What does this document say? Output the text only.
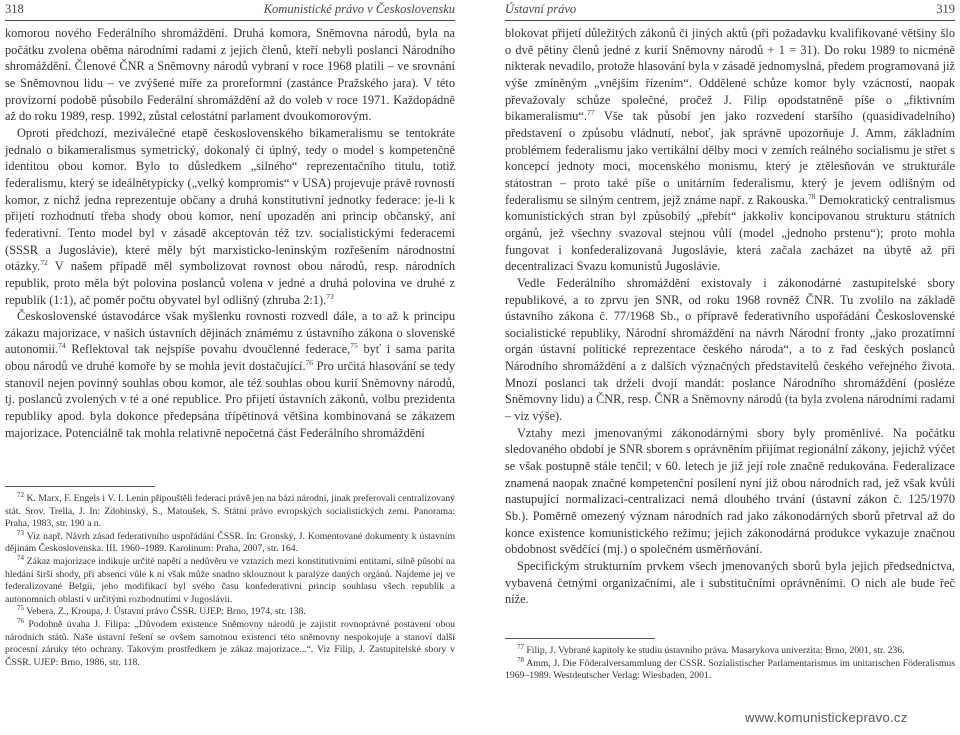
318	Komunistické právo v Československu

komorou nového Federálního shromáždění. Druhá komora, Sněmovna národů, byla na počátku zvolena oběma národními radami z jejich členů, kteří nebyli poslanci Národního shromáždění. Členové ČNR a Sněmovny národů vybraní v roce 1968 platili – ve srovnání se Sněmovnou lidu – ve zvýšené míře za proreformní (zastánce Pražského jara). V této provizorní podobě působilo Federální shromáždění až do voleb v roce 1971. Každopádně až do roku 1989, resp. 1992, zůstal celostátní parlament dvoukomorovým.

Oproti předchozí, meziválečné etapě československého bikameralismu se tentokráte jednalo o bikameralismus symetrický, dokonalý či úplný, tedy o model s kompetenčně identitou obou komor. Bylo to důsledkem „silného“ reprezentačního titulu, totiž federalismu, který se ideálnětypicky („velký kompromis“ v USA) projevuje právě rovností komor, z nichž jedna reprezentuje občany a druhá konstitutivní jednotky federace: je-li k přijetí rozhodnutí třeba shody obou komor, není upozaděn ani princip občanský, ani federativní. Tento model byl v zásadě akceptován též tzv. socialistickými federacemi (SSSR a Jugoslávie), které měly být marxisticko-leninským rozřešením národnostní otázky.$^{72}$ V našem případě měl symbolizovat rovnost obou národů, resp. národních republik, proto měla být polovina poslanců volena v jedné a druhá polovina ve druhé z republik (1:1), ač poměr počtu obyvatel byl odlišný (zhruba 2:1).$^{73}$

Československé ústavodárce však myšlenku rovnosti rozvedl dále, a to až k principu zákazu majorizace, v našich ústavních dějinách známému z ústavního zákona o slovenské autonomii.$^{74}$ Reflektoval tak nejspíše povahu dvoučlenné federace,$^{75}$ byť i sama parita obou národů ve druhé komoře by se mohla jevit dostačující.$^{76}$ Pro určitá hlasování se tedy stanovil nejen povinný souhlas obou komor, ale též souhlas obou kurií Sněmovny národů, tj. poslanců zvolených v té a oné republice. Pro přijetí ústavních zákonů, volbu prezidenta republiky apod. byla dokonce předepsána třípětinová většina kombinovaná se zákazem majorizace. Potenciálně tak mohla relativně nepočetná část Federálního shromáždění

$^{72}$ K. Marx, F. Engels i V. I. Lenin připouštěli federaci právě jen na bázi národní, jinak preferovali centralizovaný stát. Srov. Trella, J. In: Zdobinský, S., Matoušek, S. Státní právo evropských socialistických zemí. Panorama: Praha, 1983, str. 190 a n.

$^{73}$ Viz např. Návrh zásad federativního uspořádání ČSSR. In: Gronský, J. Komentované dokumenty k ústavním dějinám Československa. III. 1960–1989. Karolinum: Praha, 2007, str. 164.

$^{74}$ Zákaz majorizace indikuje určité napětí a nedůvěru ve vztazích mezi konstitutivními entitami, silně působí na hledání širší shody, při absenci vůle k ní však může snadno sklouznout k paralýze daných orgánů. Najdeme jej ve federalizované Belgii, jeho modifikací byl svého času konfederativní princip souhlasu všech republik a autonomních oblastí v určitými rozhodnutími v Jugoslávii.

$^{75}$ Vebera, Z., Kroupa, J. Ústavní právo ČSSR. UJEP: Brno, 1974, str. 138.

$^{76}$ Podobně úvaha J. Filipa: „Důvodem existence Sněmovny národů je zajistit rovnoprávné postavení obou národních států. Naše ústavní řešení se ovšem samotnou existencí této sněmovny nespokojuje a stanoví další procesní záruky této ochrany. Takovým prostředkem je zákaz majorizace...“. Viz Filip, J. Zastupitelské sbory v ČSSR. UJEP: Brno, 1986, str. 118.

Ústavní právo	319

blokovat přijetí důležitých zákonů či jiných aktů (při požadavku kvalifikované většiny šlo o dvě pětiny členů jedné z kurií Sněmovny národů + 1 = 31). Do roku 1989 to nicméně nikterak nevadilo, protože hlasování byla v zásadě jednomyslná, předem programovaná již výše zmíněným „vnějším řízením“. Oddělené schůze komor byly vzácností, naopak převažovaly schůze společné, pročež J. Filip opodstatněně píše o „fiktivním bikameralismu“.$^{77}$ Vše tak působí jen jako rozvedení staršího (quasidivadelního) představení o způsobu vládnutí, neboť, jak správně upozorňuje J. Amm, základním problémem federalismu jako vertikální dělby moci v zemích reálného socialismu je střet s koncepcí jednoty moci, mocenského monismu, který je ztělesňován ve strukturále státostran – proto také píše o unitárním federalismu, který je jevem odlišným od federalismu se silným centrem, jejž známe např. z Rakouska.$^{78}$ Demokratický centralismus komunistických stran byl způsobilý „přebít“ jakkoliv koncipovanou strukturu státních orgánů, jež všechny svazoval stejnou vůlí (model „jednoho prstenu“); proto mohla fungovat i konfederalizovaná Jugoslávie, která začala zacházet na úbytě až při decentralizaci Svazu komunistů Jugoslávie.

Vedle Federálního shromáždění existovaly i zákonodárné zastupitelské sbory republikové, a to zprvu jen SNR, od roku 1968 rovněž ČNR. Tu zvolilo na základě ústavního zákona č. 77/1968 Sb., o přípravě federativního uspořádání Československé socialistické republiky, Národní shromáždění na návrh Národní fronty „jako prozatímní orgán ústavní politické reprezentace českého národa“, a to z řad českých poslanců Národního shromáždění a z dalších význačných představitelů českého veřejného života. Mnozí poslanci tak drželi dvojí mandát: poslance Národního shromáždění (posléze Sněmovny lidu) a ČNR, resp. ČNR a Sněmovny národů (ta byla zvolena národními radami – viz výše).

Vztahy mezi jmenovanými zákonodárnými sbory byly proměnlivé. Na počátku sledovaného období je SNR sborem s oprávněním přijímat regionální zákony, jejichž výčet se však postupně stále tenčil; v 60. letech je již její role značně redukována. Federalizace znamená naopak značné kompetenční posílení nyní již obou národních rad, jež však kvůli nastupující normalizaci-centralizaci nemá dlouhého trvání (ústavní zákon č. 125/1970 Sb.). Poměrně omezený význam národních rad jako zákonodárných sborů přetrval až do konce existence komunistického režimu; jejich zákonodárná produkce vykazuje značnou obdobnost svědčící (mj.) o společném usměrňování.

Specifickým strukturním prvkem všech jmenovaných sborů byla jejich předsednictva, vybavená četnými organizačními, ale i substitučními oprávněními. O nich ale bude řeč níže.

$^{77}$ Filip, J. Vybrané kapitoly ke studiu ústavního práva. Masarykova univerzita: Brno, 2001, str. 236.

$^{78}$ Amm, J. Die Föderalversammlung der CSSR. Sozialistischer Parlamentarismus im unitarischen Föderalismus 1969–1989. Westdeutscher Verlag: Wiesbaden, 2001.

www.komunistickepravo.cz
